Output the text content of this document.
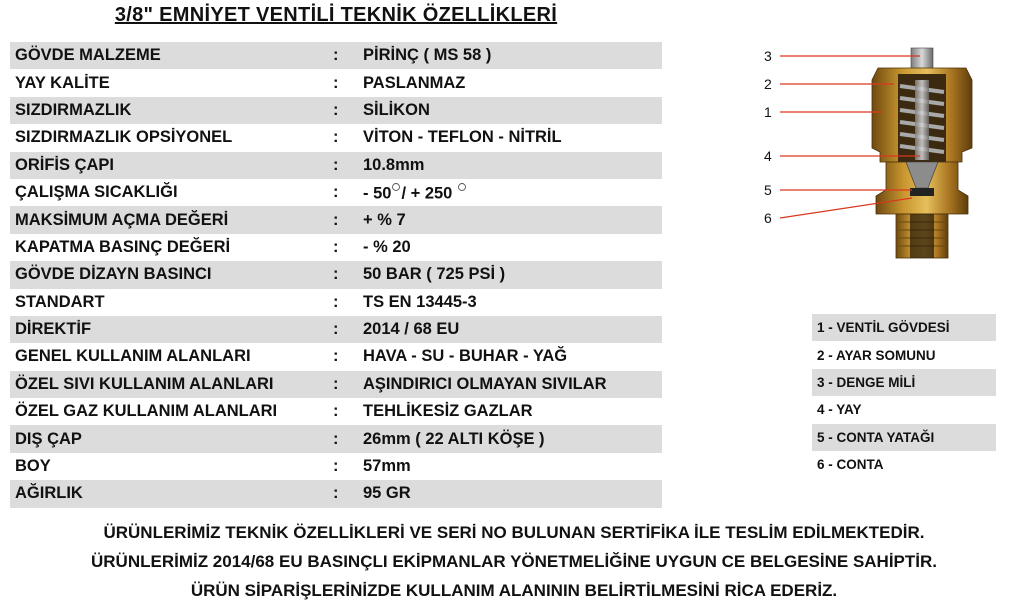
3/8" EMNİYET VENTİLİ TEKNİK ÖZELLİKLERİ
GÖVDE MALZEME	:	PİRİNÇ ( MS 58 )
YAY KALİTE	:	PASLANMAZ
SIZDIRMAZLIK	:	SİLİKON
SIZDIRMAZLIK OPSİYONEL	:	VİTON - TEFLON - NİTRİL
ORİFİS ÇAPI	:	10.8mm
ÇALIŞMA SICAKLIĞI	:	- 50 / + 250
MAKSİMUM AÇMA DEĞERİ	:	+ % 7
KAPATMA BASINÇ DEĞERİ	:	- % 20
GÖVDE DİZAYN BASINCI	:	50 BAR ( 725 PSİ )
STANDART	:	TS EN 13445-3
DİREKTİF	:	2014 / 68 EU
GENEL KULLANIM ALANLARI	:	HAVA - SU - BUHAR - YAĞ
ÖZEL SIVI KULLANIM ALANLARI	:	AŞINDIRICI OLMAYAN SIVILAR
ÖZEL GAZ KULLANIM ALANLARI	:	TEHLİKESİZ GAZLAR
DIŞ ÇAP	:	26mm ( 22 ALTI KÖŞE )
BOY	:	57mm
AĞIRLIK	:	95 GR
3
2
1
4
5
6
1 - VENTİL GÖVDESİ
2 - AYAR SOMUNU
3 - DENGE MİLİ
4 - YAY
5 - CONTA YATAĞI
6 - CONTA
ÜRÜNLERİMİZ TEKNİK ÖZELLİKLERİ VE SERİ NO BULUNAN SERTİFİKA İLE TESLİM EDİLMEKTEDİR.
ÜRÜNLERİMİZ 2014/68 EU BASINÇLI EKİPMANLAR YÖNETMELİĞİNE UYGUN CE BELGESİNE SAHİPTİR.
ÜRÜN SİPARİŞLERİNİZDE KULLANIM ALANININ BELİRTİLMESİNİ RİCA EDERİZ.
